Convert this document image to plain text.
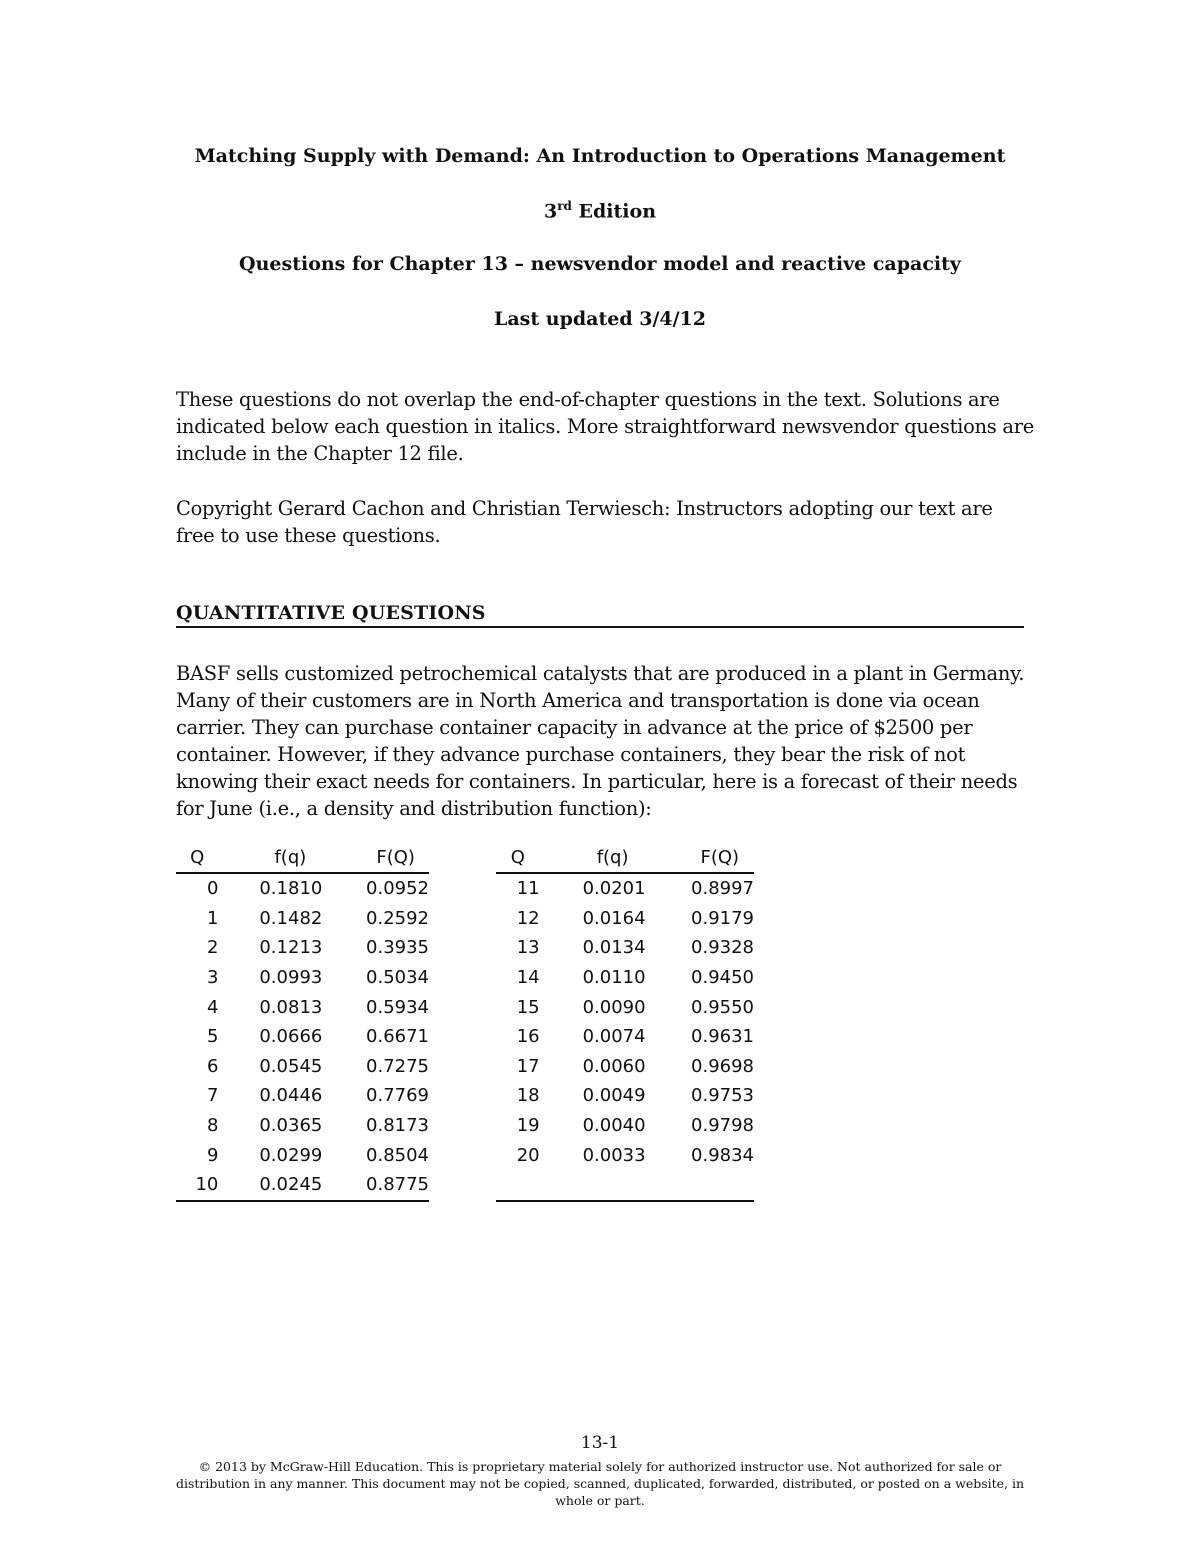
Matching Supply with Demand: An Introduction to Operations Management
3rd Edition
Questions for Chapter 13 – newsvendor model and reactive capacity
Last updated 3/4/12
These questions do not overlap the end-of-chapter questions in the text. Solutions are indicated below each question in italics. More straightforward newsvendor questions are include in the Chapter 12 file.
Copyright Gerard Cachon and Christian Terwiesch: Instructors adopting our text are free to use these questions.
QUANTITATIVE QUESTIONS
BASF sells customized petrochemical catalysts that are produced in a plant in Germany. Many of their customers are in North America and transportation is done via ocean carrier. They can purchase container capacity in advance at the price of $2500 per container. However, if they advance purchase containers, they bear the risk of not knowing their exact needs for containers. In particular, here is a forecast of their needs for June (i.e., a density and distribution function):
Q	f(q)	F(Q)
0	0.1810	0.0952
1	0.1482	0.2592
2	0.1213	0.3935
3	0.0993	0.5034
4	0.0813	0.5934
5	0.0666	0.6671
6	0.0545	0.7275
7	0.0446	0.7769
8	0.0365	0.8173
9	0.0299	0.8504
10	0.0245	0.8775
Q	f(q)	F(Q)
11	0.0201	0.8997
12	0.0164	0.9179
13	0.0134	0.9328
14	0.0110	0.9450
15	0.0090	0.9550
16	0.0074	0.9631
17	0.0060	0.9698
18	0.0049	0.9753
19	0.0040	0.9798
20	0.0033	0.9834

13-1
© 2013 by McGraw-Hill Education. This is proprietary material solely for authorized instructor use. Not authorized for sale or
distribution in any manner. This document may not be copied, scanned, duplicated, forwarded, distributed, or posted on a website, in
whole or part.
